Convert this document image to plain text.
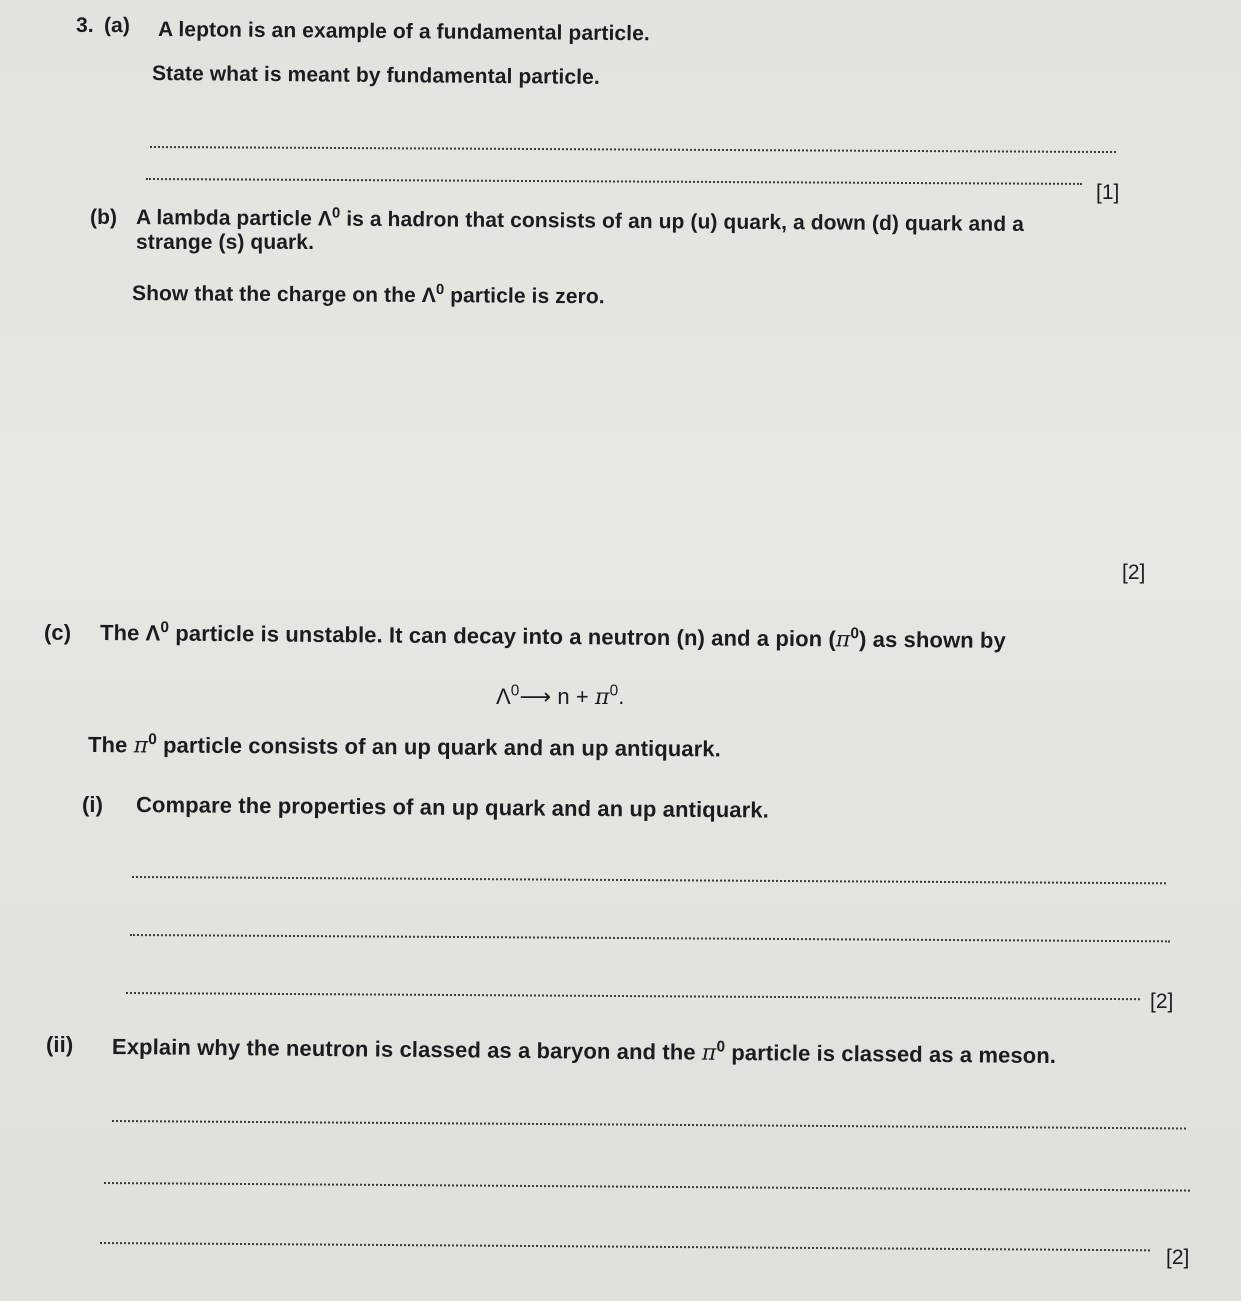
3. (a) A lepton is an example of a fundamental particle.
State what is meant by fundamental particle.
[1]
(b) A lambda particle $\Lambda^0$ is a hadron that consists of an up (u) quark, a down (d) quark and a
strange (s) quark.
Show that the charge on the $\Lambda^0$ particle is zero.
[2]
(c) The $\Lambda^0$ particle is unstable. It can decay into a neutron (n) and a pion $(\pi^0)$ as shown by
$\Lambda^0⟶$ $n + \pi^0$.
The $\pi^0$ particle consists of an up quark and an up antiquark.
(i) Compare the properties of an up quark and an up antiquark.
[2]
(ii) Explain why the neutron is classed as a baryon and the $\pi^0$ particle is classed as a meson.
[2]
